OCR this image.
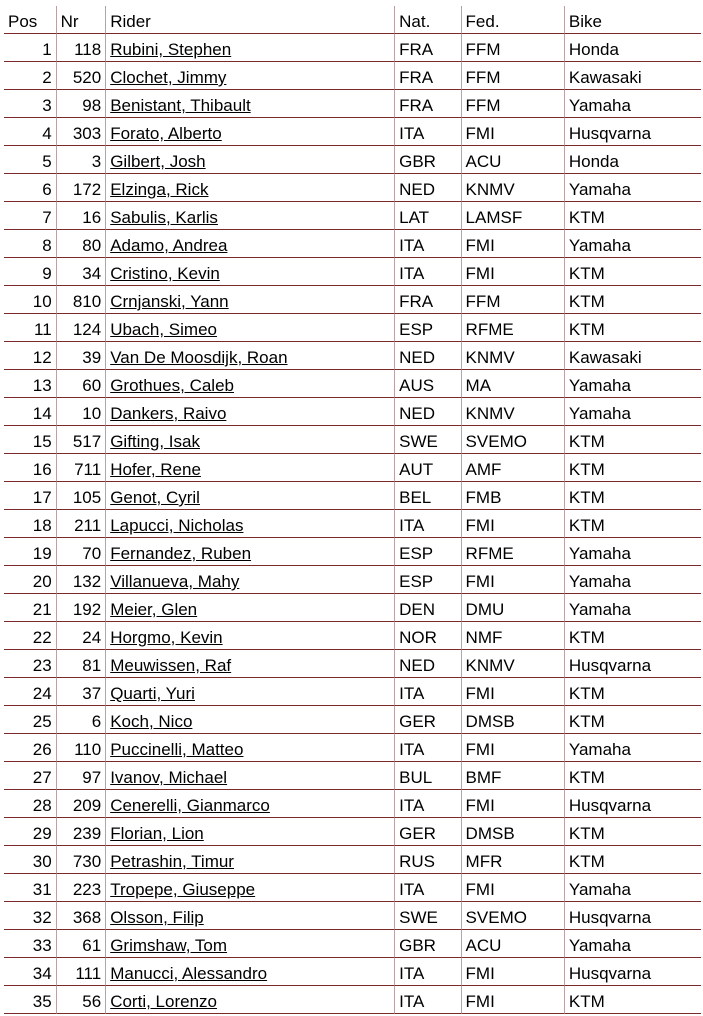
Pos	Nr	Rider	Nat.	Fed.	Bike
1	118	Rubini, Stephen	FRA	FFM	Honda
2	520	Clochet, Jimmy	FRA	FFM	Kawasaki
3	98	Benistant, Thibault	FRA	FFM	Yamaha
4	303	Forato, Alberto	ITA	FMI	Husqvarna
5	3	Gilbert, Josh	GBR	ACU	Honda
6	172	Elzinga, Rick	NED	KNMV	Yamaha
7	16	Sabulis, Karlis	LAT	LAMSF	KTM
8	80	Adamo, Andrea	ITA	FMI	Yamaha
9	34	Cristino, Kevin	ITA	FMI	KTM
10	810	Crnjanski, Yann	FRA	FFM	KTM
11	124	Ubach, Simeo	ESP	RFME	KTM
12	39	Van De Moosdijk, Roan	NED	KNMV	Kawasaki
13	60	Grothues, Caleb	AUS	MA	Yamaha
14	10	Dankers, Raivo	NED	KNMV	Yamaha
15	517	Gifting, Isak	SWE	SVEMO	KTM
16	711	Hofer, Rene	AUT	AMF	KTM
17	105	Genot, Cyril	BEL	FMB	KTM
18	211	Lapucci, Nicholas	ITA	FMI	KTM
19	70	Fernandez, Ruben	ESP	RFME	Yamaha
20	132	Villanueva, Mahy	ESP	FMI	Yamaha
21	192	Meier, Glen	DEN	DMU	Yamaha
22	24	Horgmo, Kevin	NOR	NMF	KTM
23	81	Meuwissen, Raf	NED	KNMV	Husqvarna
24	37	Quarti, Yuri	ITA	FMI	KTM
25	6	Koch, Nico	GER	DMSB	KTM
26	110	Puccinelli, Matteo	ITA	FMI	Yamaha
27	97	Ivanov, Michael	BUL	BMF	KTM
28	209	Cenerelli, Gianmarco	ITA	FMI	Husqvarna
29	239	Florian, Lion	GER	DMSB	KTM
30	730	Petrashin, Timur	RUS	MFR	KTM
31	223	Tropepe, Giuseppe	ITA	FMI	Yamaha
32	368	Olsson, Filip	SWE	SVEMO	Husqvarna
33	61	Grimshaw, Tom	GBR	ACU	Yamaha
34	111	Manucci, Alessandro	ITA	FMI	Husqvarna
35	56	Corti, Lorenzo	ITA	FMI	KTM
